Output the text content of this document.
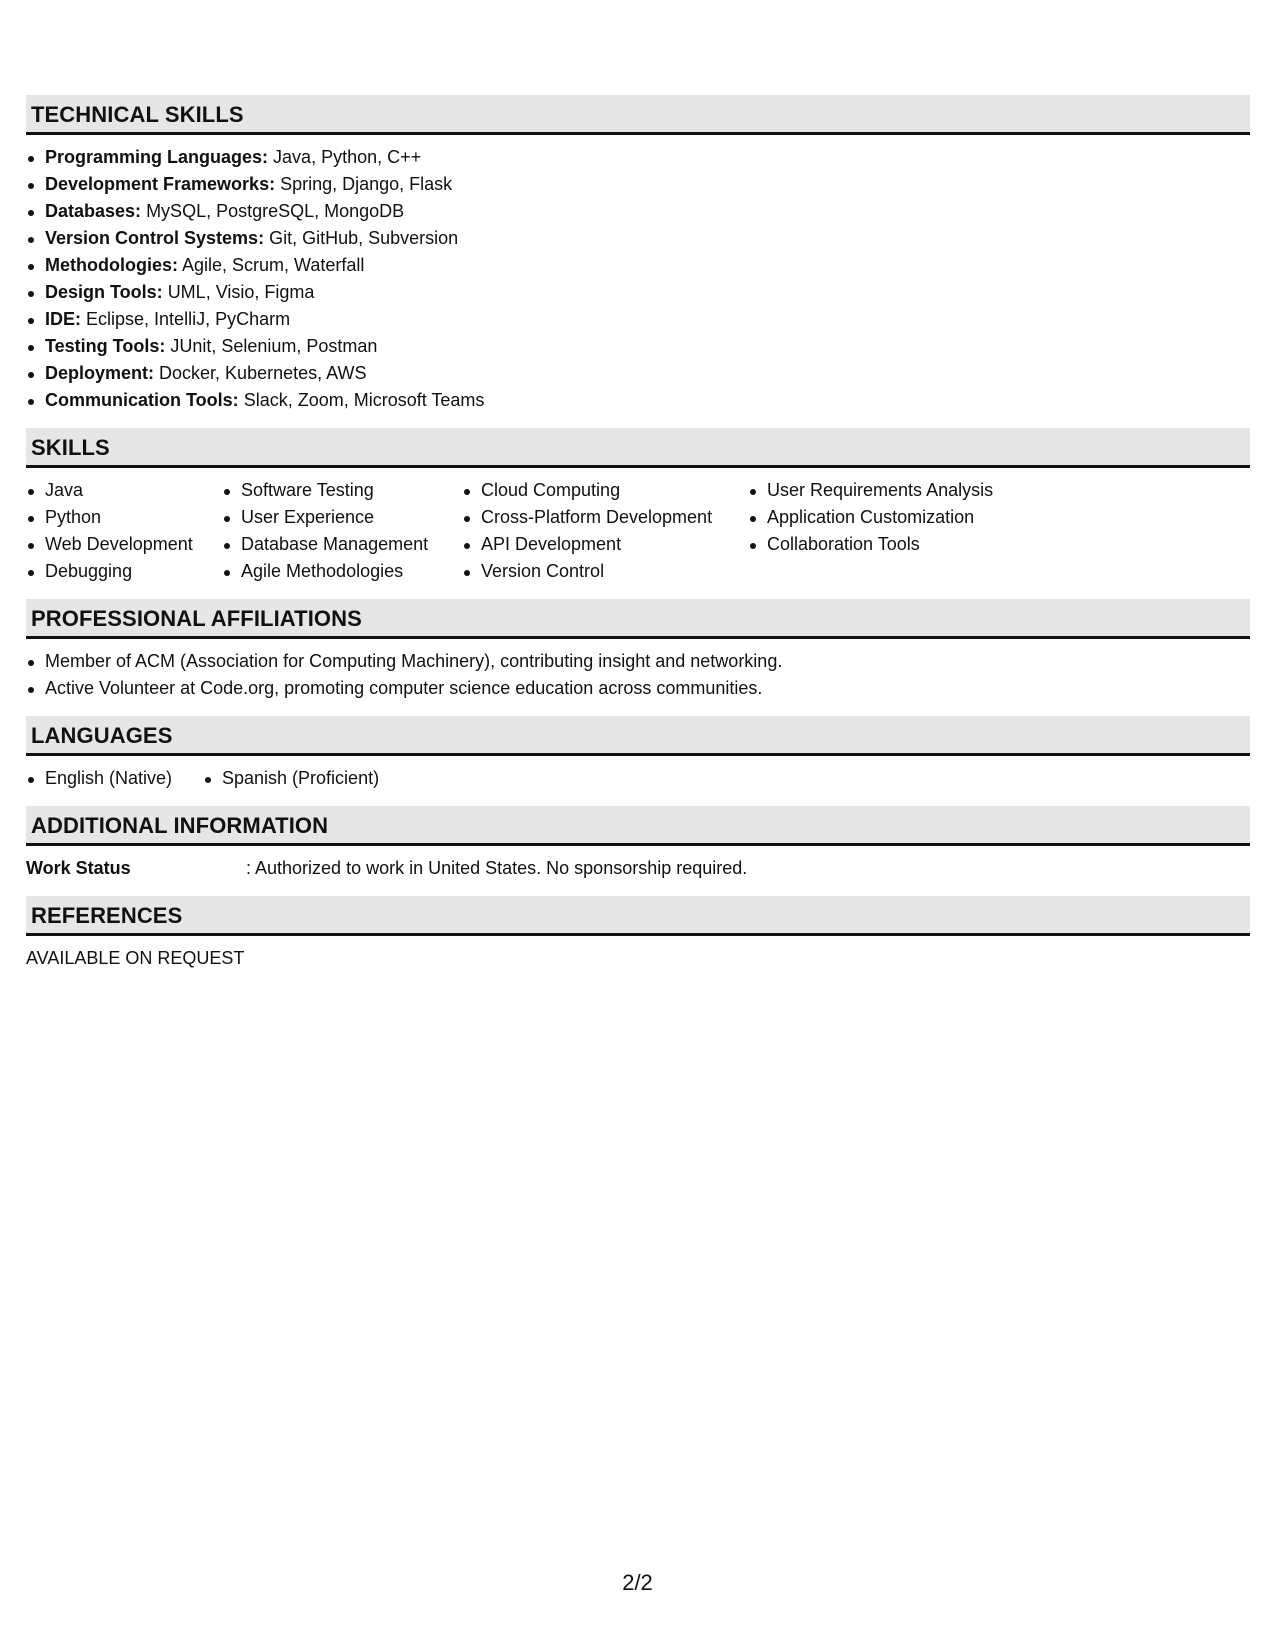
TECHNICAL SKILLS
Programming Languages: Java, Python, C++
Development Frameworks: Spring, Django, Flask
Databases: MySQL, PostgreSQL, MongoDB
Version Control Systems: Git, GitHub, Subversion
Methodologies: Agile, Scrum, Waterfall
Design Tools: UML, Visio, Figma
IDE: Eclipse, IntelliJ, PyCharm
Testing Tools: JUnit, Selenium, Postman
Deployment: Docker, Kubernetes, AWS
Communication Tools: Slack, Zoom, Microsoft Teams
SKILLS
Java
Python
Web Development
Debugging
Software Testing
User Experience
Database Management
Agile Methodologies
Cloud Computing
Cross-Platform Development
API Development
Version Control
User Requirements Analysis
Application Customization
Collaboration Tools
PROFESSIONAL AFFILIATIONS
Member of ACM (Association for Computing Machinery), contributing insight and networking.
Active Volunteer at Code.org, promoting computer science education across communities.
LANGUAGES
English (Native)	Spanish (Proficient)
ADDITIONAL INFORMATION
Work Status	: Authorized to work in United States. No sponsorship required.
REFERENCES
AVAILABLE ON REQUEST
2/2
